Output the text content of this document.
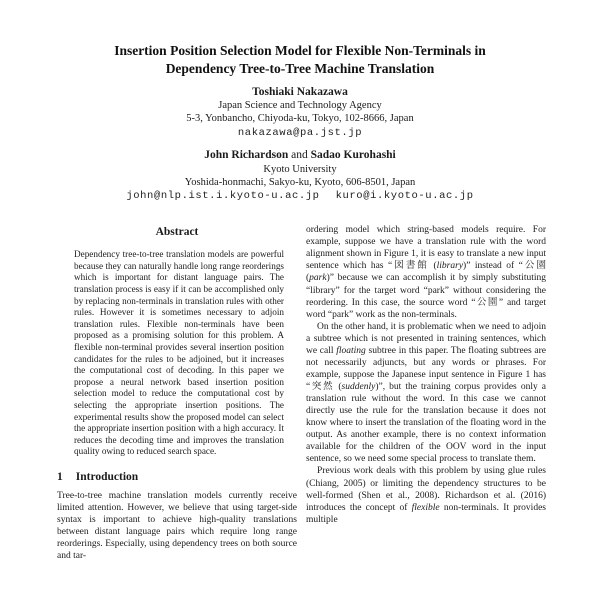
Insertion Position Selection Model for Flexible Non-Terminals in
Dependency Tree-to-Tree Machine Translation
Toshiaki Nakazawa
Japan Science and Technology Agency
5-3, Yonbancho, Chiyoda-ku, Tokyo, 102-8666, Japan
nakazawa@pa.jst.jp
John Richardson and Sadao Kurohashi
Kyoto University
Yoshida-honmachi, Sakyo-ku, Kyoto, 606-8501, Japan
john@nlp.ist.i.kyoto-u.ac.jp kuro@i.kyoto-u.ac.jp
Abstract

Dependency tree-to-tree translation models are powerful because they can naturally handle long range reorderings which is important for distant language pairs. The translation process is easy if it can be accomplished only by replacing non-terminals in translation rules with other rules. However it is sometimes necessary to adjoin translation rules. Flexible non-terminals have been proposed as a promising solution for this problem. A flexible non-terminal provides several insertion position candidates for the rules to be adjoined, but it increases the computational cost of decoding. In this paper we propose a neural network based insertion position selection model to reduce the computational cost by selecting the appropriate insertion positions. The experimental results show the proposed model can select the appropriate insertion position with a high accuracy. It reduces the decoding time and improves the translation quality owing to reduced search space.

1 Introduction

Tree-to-tree machine translation models currently receive limited attention. However, we believe that using target-side syntax is important to achieve high-quality translations between distant language pairs which require long range reorderings. Especially, using dependency trees on both source and tar-

ordering model which string-based models require. For example, suppose we have a translation rule with the word alignment shown in Figure 1, it is easy to translate a new input sentence which has “図書館 (library)” instead of “公園 (park)” because we can accomplish it by simply substituting “library” for the target word “park” without considering the reordering. In this case, the source word “公園” and target word “park” work as the non-terminals.

On the other hand, it is problematic when we need to adjoin a subtree which is not presented in training sentences, which we call floating subtree in this paper. The floating subtrees are not necessarily adjuncts, but any words or phrases. For example, suppose the Japanese input sentence in Figure 1 has “突然 (suddenly)”, but the training corpus provides only a translation rule without the word. In this case we cannot directly use the rule for the translation because it does not know where to insert the translation of the floating word in the output. As another example, there is no context information available for the children of the OOV word in the input sentence, so we need some special process to translate them.

Previous work deals with this problem by using glue rules (Chiang, 2005) or limiting the dependency structures to be well-formed (Shen et al., 2008). Richardson et al. (2016) introduces the concept of flexible non-terminals. It provides multiple
